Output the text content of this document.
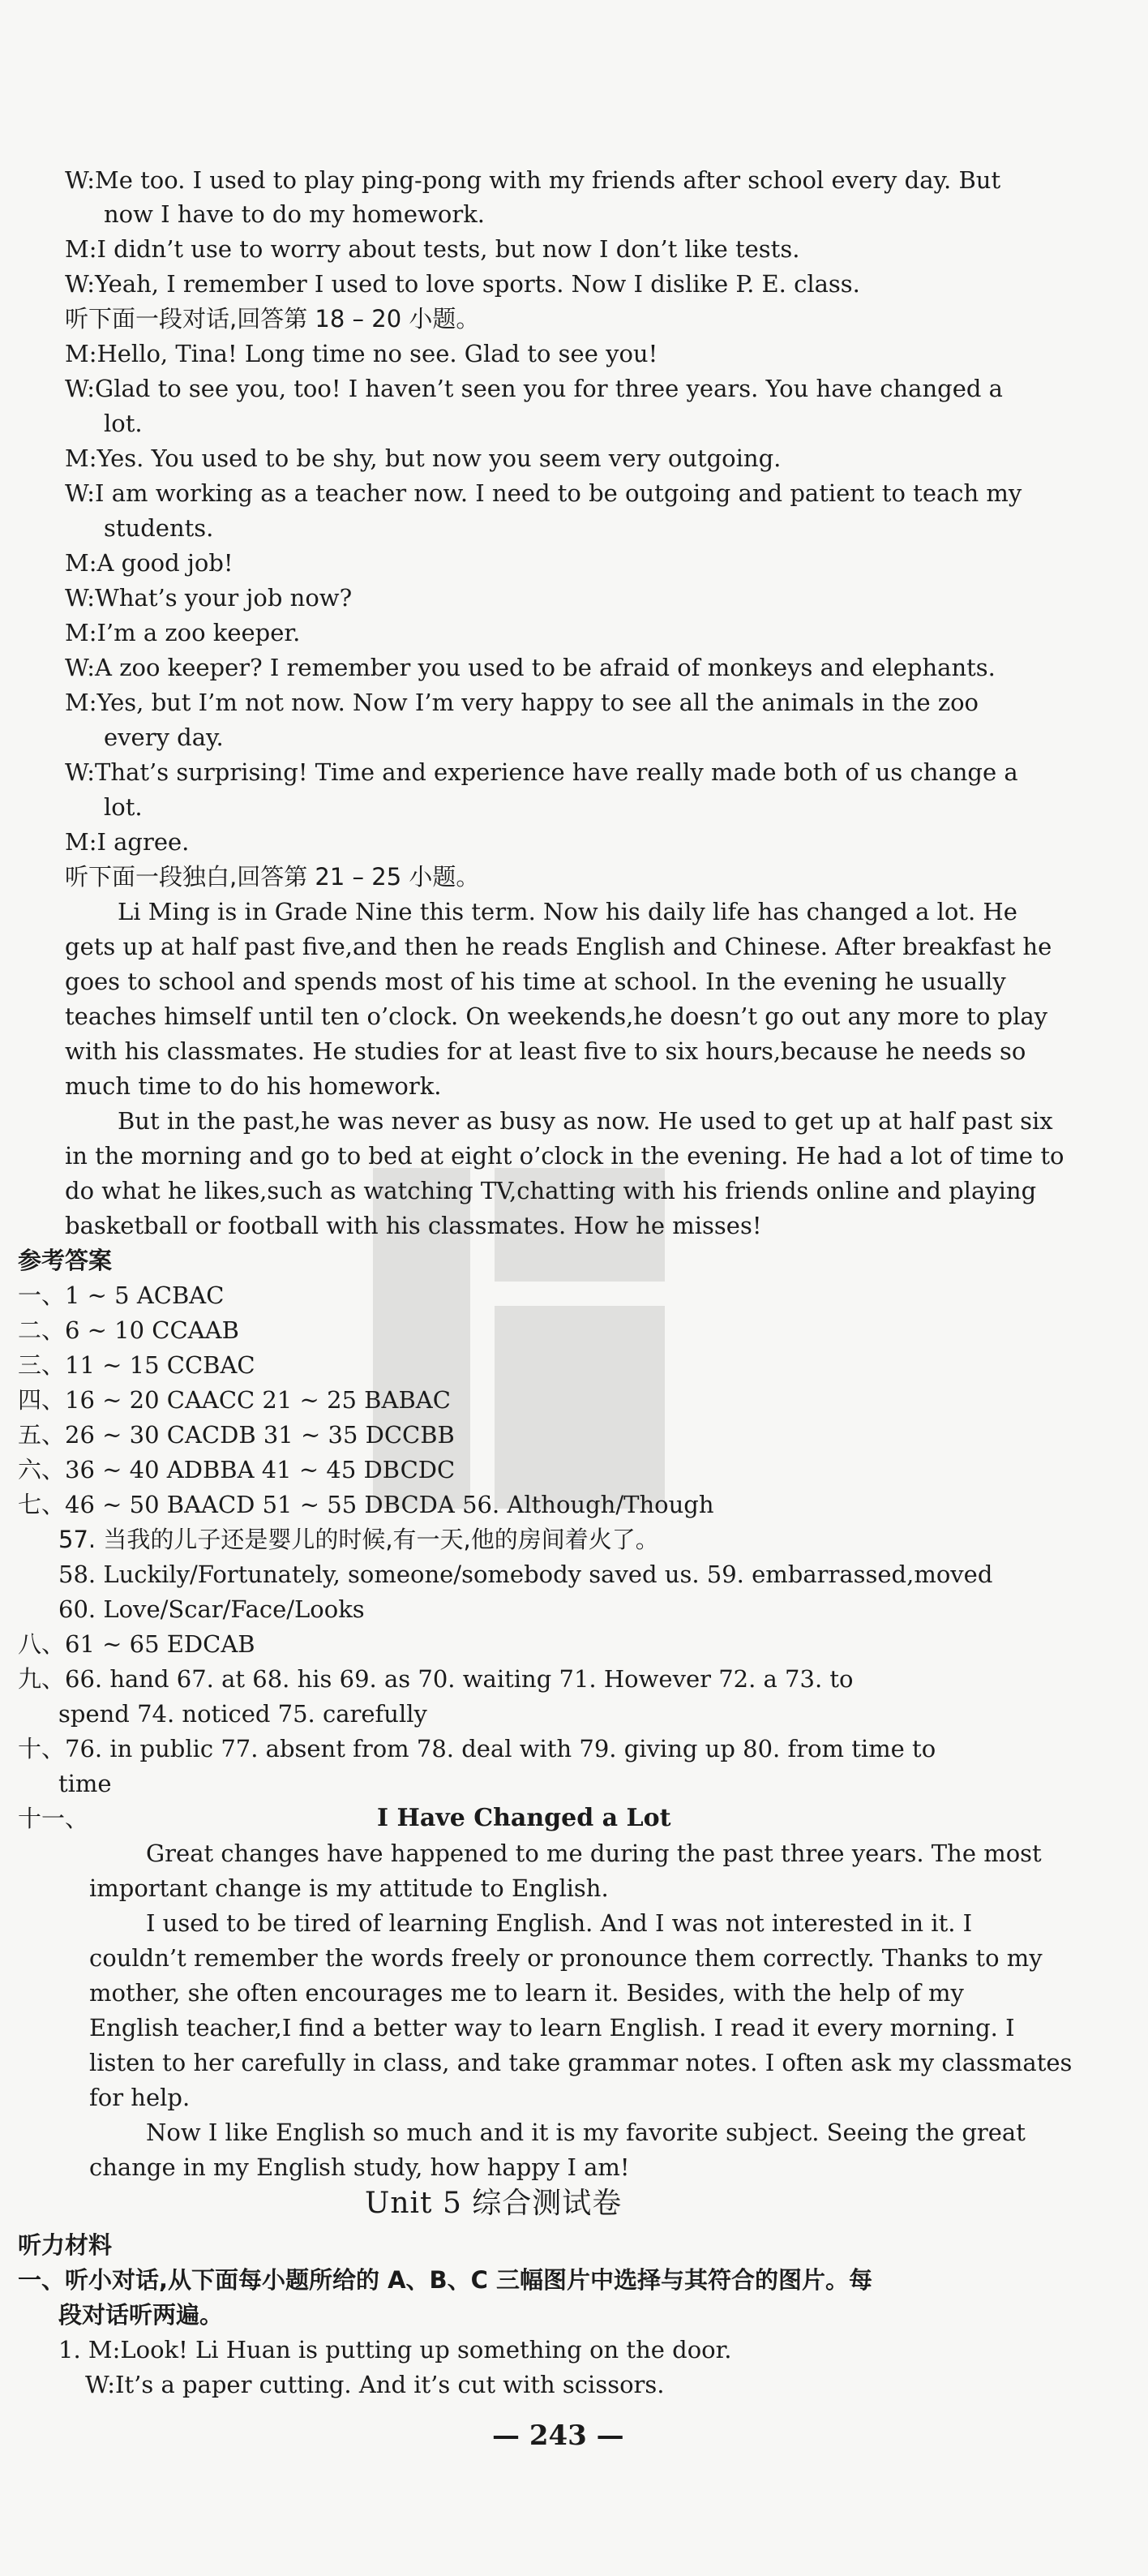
W:Me too. I used to play ping-pong with my friends after school every day. But
now I have to do my homework.
M:I didn’t use to worry about tests, but now I don’t like tests.
W:Yeah, I remember I used to love sports. Now I dislike P. E. class.
听下面一段对话,回答第 18 – 20 小题。
M:Hello, Tina! Long time no see. Glad to see you!
W:Glad to see you, too! I haven’t seen you for three years. You have changed a
lot.
M:Yes. You used to be shy, but now you seem very outgoing.
W:I am working as a teacher now. I need to be outgoing and patient to teach my
students.
M:A good job!
W:What’s your job now?
M:I’m a zoo keeper.
W:A zoo keeper? I remember you used to be afraid of monkeys and elephants.
M:Yes, but I’m not now. Now I’m very happy to see all the animals in the zoo
every day.
W:That’s surprising! Time and experience have really made both of us change a
lot.
M:I agree.
听下面一段独白,回答第 21 – 25 小题。
Li Ming is in Grade Nine this term. Now his daily life has changed a lot. He
gets up at half past five,and then he reads English and Chinese. After breakfast he
goes to school and spends most of his time at school. In the evening he usually
teaches himself until ten o’clock. On weekends,he doesn’t go out any more to play
with his classmates. He studies for at least five to six hours,because he needs so
much time to do his homework.
But in the past,he was never as busy as now. He used to get up at half past six
in the morning and go to bed at eight o’clock in the evening. He had a lot of time to
do what he likes,such as watching TV,chatting with his friends online and playing
basketball or football with his classmates. How he misses!
参考答案
一、1 ~ 5 ACBAC
二、6 ~ 10 CCAAB
三、11 ~ 15 CCBAC
四、16 ~ 20 CAACC 21 ~ 25 BABAC
五、26 ~ 30 CACDB 31 ~ 35 DCCBB
六、36 ~ 40 ADBBA 41 ~ 45 DBCDC
七、46 ~ 50 BAACD 51 ~ 55 DBCDA 56. Although/Though
57. 当我的儿子还是婴儿的时候,有一天,他的房间着火了。
58. Luckily/Fortunately, someone/somebody saved us. 59. embarrassed,moved
60. Love/Scar/Face/Looks
八、61 ~ 65 EDCAB
九、66. hand 67. at 68. his 69. as 70. waiting 71. However 72. a 73. to
spend 74. noticed 75. carefully
十、76. in public 77. absent from 78. deal with 79. giving up 80. from time to
time
十一、	I Have Changed a Lot
Great changes have happened to me during the past three years. The most
important change is my attitude to English.
I used to be tired of learning English. And I was not interested in it. I
couldn’t remember the words freely or pronounce them correctly. Thanks to my
mother, she often encourages me to learn it. Besides, with the help of my
English teacher,I find a better way to learn English. I read it every morning. I
listen to her carefully in class, and take grammar notes. I often ask my classmates
for help.
Now I like English so much and it is my favorite subject. Seeing the great
change in my English study, how happy I am!
Unit 5 综合测试卷
听力材料
一、听小对话,从下面每小题所给的 A、B、C 三幅图片中选择与其符合的图片。每
段对话听两遍。
1. M:Look! Li Huan is putting up something on the door.
W:It’s a paper cutting. And it’s cut with scissors.
— 243 —
